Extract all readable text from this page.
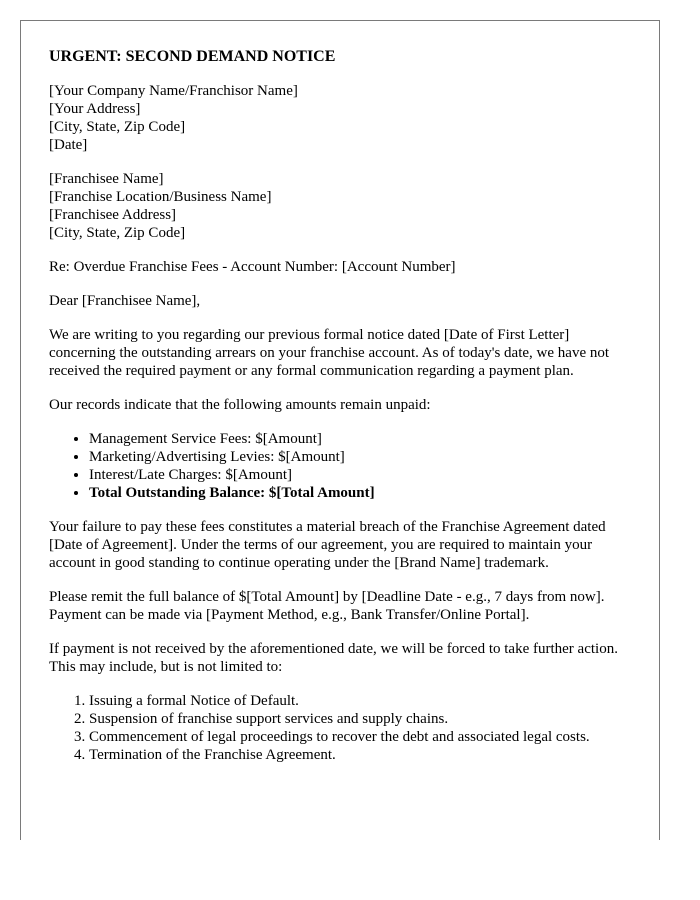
URGENT: SECOND DEMAND NOTICE
[Your Company Name/Franchisor Name]
[Your Address]
[City, State, Zip Code]
[Date]
[Franchisee Name]
[Franchise Location/Business Name]
[Franchisee Address]
[City, State, Zip Code]

Re: Overdue Franchise Fees - Account Number: [Account Number]

Dear [Franchisee Name],

We are writing to you regarding our previous formal notice dated [Date of First Letter] concerning the outstanding arrears on your franchise account. As of today's date, we have not received the required payment or any formal communication regarding a payment plan.

Our records indicate that the following amounts remain unpaid:

• Management Service Fees: $[Amount]
• Marketing/Advertising Levies: $[Amount]
• Interest/Late Charges: $[Amount]
• Total Outstanding Balance: $[Total Amount]

Your failure to pay these fees constitutes a material breach of the Franchise Agreement dated [Date of Agreement]. Under the terms of our agreement, you are required to maintain your account in good standing to continue operating under the [Brand Name] trademark.

Please remit the full balance of $[Total Amount] by [Deadline Date - e.g., 7 days from now]. Payment can be made via [Payment Method, e.g., Bank Transfer/Online Portal].

If payment is not received by the aforementioned date, we will be forced to take further action. This may include, but is not limited to:

1. Issuing a formal Notice of Default.
2. Suspension of franchise support services and supply chains.
3. Commencement of legal proceedings to recover the debt and associated legal costs.
4. Termination of the Franchise Agreement.
